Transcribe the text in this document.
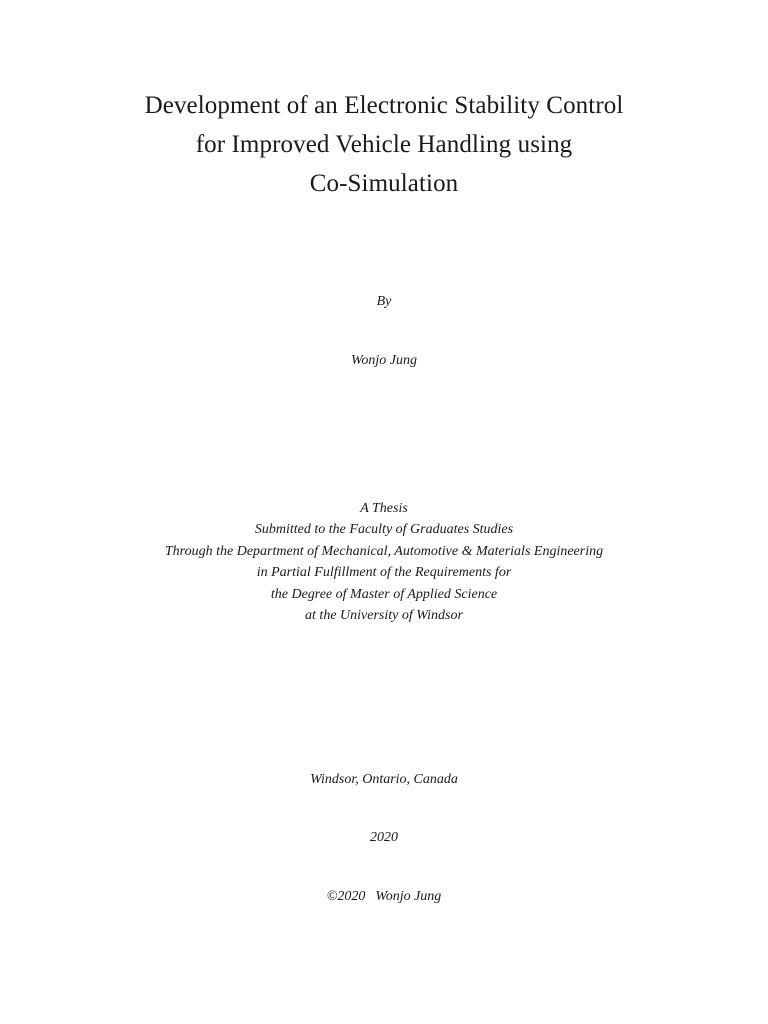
Development of an Electronic Stability Control
for Improved Vehicle Handling using
Co-Simulation
By
Wonjo Jung
A Thesis
Submitted to the Faculty of Graduates Studies
Through the Department of Mechanical, Automotive & Materials Engineering
in Partial Fulfillment of the Requirements for
the Degree of Master of Applied Science
at the University of Windsor
Windsor, Ontario, Canada
2020
©2020 Wonjo Jung
